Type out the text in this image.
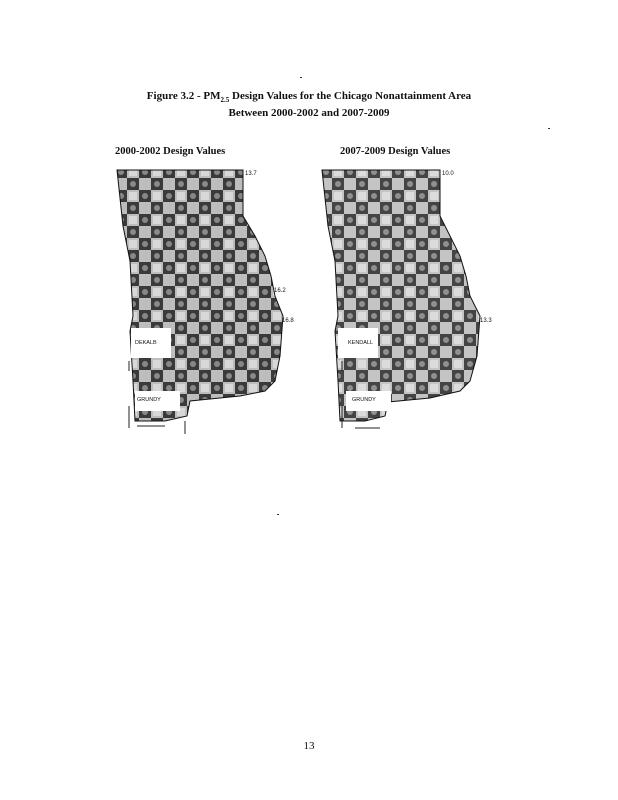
Figure $3.2 - PM_{2.5}$ Design Values for the Chicago Nonattainment Area
Between 2000-2002 and 2007-2009
2000-2002 Design Values	2007-2009 Design Values
13.7
16.2
16.8
DEKALB
GRUNDY
10.0
13.3
KENDALL
GRUNDY
13
